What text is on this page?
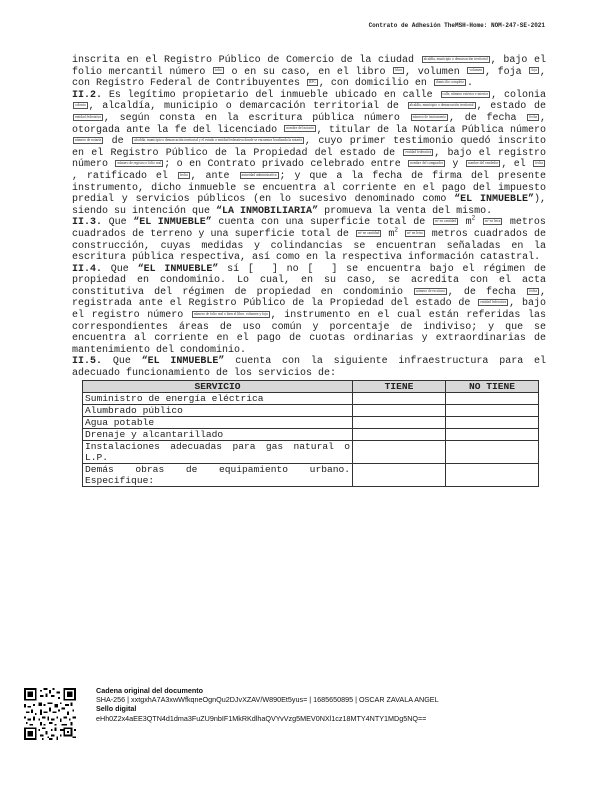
Contrato de Adhesión TheMSH-Home: NOM-247-SE-2021

inscrita en el Registro Público de Comercio de la ciudad	alcaldía, municipio o demarcación territorial , bajo el folio mercantil número	folio o en su caso, en el libro	libro , volumen	volumen , foja	foja , con Registro Federal de Contribuyentes	RFC , con domicilio en	domicilio completo .

II.2. Es legítimo propietario del inmueble ubicado en calle	calle, número exterior e interior , colonia colonia , alcaldía, municipio o demarcación territorial de	alcaldía, municipio o demarcación territorial , estado de entidad federativa , según consta en la escritura pública número	número de instrumento , de fecha	fecha , otorgada ante la fe del licenciado	nombre del notario , titular de la Notaría Pública número número de notaría de	alcaldía, municipio o demarcación territorial y el estado o entidad federativa donde se encuentra localizada la notaría , cuyo primer testimonio quedó inscrito en el Registro Público de la Propiedad del estado de	entidad federativa , bajo el registro número	número de registro o folio real ; o en Contrato privado celebrado entre	nombre del comprador y	nombre del vendedor , el	fecha, ratificado el	fecha , ante	autoridad administrativa ; y que a la fecha de firma del presente instrumento, dicho inmueble se encuentra al corriente en el pago del impuesto predial y servicios públicos (en lo sucesivo denominado como “EL INMUEBLE”), siendo su intención que “LA INMOBILIARIA” promueva la venta del mismo.

II.3. Que “EL INMUEBLE” cuenta con una superficie total de	m² en cantidad $m^2$	m² en letra metros cuadrados de terreno y una superficie total de	m² en cantidad $m^2$	m² en letra metros cuadrados de construcción, cuyas medidas y colindancias se encuentran señaladas en la escritura pública respectiva, así como en la respectiva información catastral.

II.4. Que “EL INMUEBLE” sí [ ] no [ ] se encuentra bajo el régimen de propiedad en condominio. Lo cual, en su caso, se acredita con el acta constitutiva del régimen de propiedad en condominio	número de escritura , de fecha	fecha , registrada ante el Registro Público de la Propiedad del estado de	entidad federativa , bajo el registro número	número de folio real o bien el libro, volumen y foja , instrumento en el cual están referidas las correspondientes áreas de uso común y porcentaje de indiviso; y que se encuentra al corriente en el pago de cuotas ordinarias y extraordinarias de mantenimiento del condominio.

II.5. Que “EL INMUEBLE” cuenta con la siguiente infraestructura para el adecuado funcionamiento de los servicios de:

SERVICIO	TIENE	NO TIENE
Suministro de energía eléctrica		
Alumbrado público		
Agua potable		
Drenaje y alcantarillado		
Instalaciones adecuadas para gas natural o L.P.		
Demás obras de equipamiento urbano. Especifique:		
Cadena original del documento
SHA-256 | xxtgxhA7A3xwWfkqneOgnQu2DJvXZAV/W890Et5yus= | 1685650895 | OSCAR ZAVALA ANGEL
Sello digital
eHh0Z2x4aEE3QTN4d1dma3FuZU9nbIF1MkRKdlhaQVYvVzg5MEV0NXl1cz18MTY4NTY1MDg5NQ==
